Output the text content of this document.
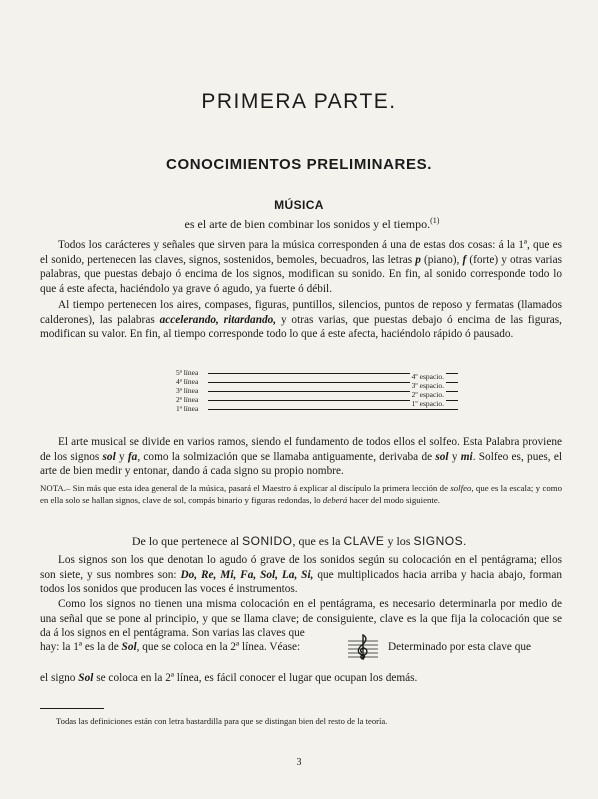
PRIMERA PARTE.
CONOCIMIENTOS PRELIMINARES.
MÚSICA

es el arte de bien combinar los sonidos y el tiempo.$^{(1)}$

Todos los carácteres y señales que sirven para la música corresponden á una de estas dos cosas: á la 1ª, que es el sonido, pertenecen las claves, signos, sostenidos, bemoles, becuadros, las letras p (piano), f (forte) y otras varias palabras, que puestas debajo ó encima de los signos, modifican su sonido. En fin, al sonido corresponde todo lo que á este afecta, haciéndolo ya grave ó agudo, ya fuerte ó débil.

Al tiempo pertenecen los aires, compases, figuras, puntillos, silencios, puntos de reposo y fermatas (llamados calderones), las palabras accelerando, ritardando, y otras varias, que puestas debajo ó encima de las figuras, modifican su valor. En fin, al tiempo corresponde todo lo que á este afecta, haciéndolo rápido ó pausado.

5ª línea	4º espacio.
4ª línea	3º espacio.
3ª línea	2º espacio.
2ª línea	1º espacio.
1ª línea

El arte musical se divide en varios ramos, siendo el fundamento de todos ellos el solfeo. Esta Palabra proviene de los signos sol y fa, como la solmización que se llamaba antiguamente, derivaba de sol y mi. Solfeo es, pues, el arte de bien medir y entonar, dando á cada signo su propio nombre.

NOTA.– Sin más que esta idea general de la música, pasará el Maestro á explicar al discípulo la primera lección de solfeo, que es la escala; y como en ella solo se hallan signos, clave de sol, compás binario y figuras redondas, lo deberá hacer del modo siguiente.

De lo que pertenece al SONIDO, que es la CLAVE y los SIGNOS.

Los signos son los que denotan lo agudo ó grave de los sonidos según su colocación en el pentágrama; ellos son siete, y sus nombres son: Do, Re, Mi, Fa, Sol, La, Si, que multiplicados hacia arriba y hacia abajo, forman todos los sonidos que producen las voces é instrumentos.

Como los signos no tienen una misma colocación en el pentágrama, es necesario determinarla por medio de una señal que se pone al principio, y que se llama clave; de consiguiente, clave es la que fija la colocación que se da á los signos en el pentágrama. Son varias las claves que

hay: la 1ª es la de Sol, que se coloca en la 2ª línea. Véase:	Determinado por esta clave que

el signo Sol se coloca en la 2ª línea, es fácil conocer el lugar que ocupan los demás.

Todas las definiciones están con letra bastardilla para que se distingan bien del resto de la teoría.

3
